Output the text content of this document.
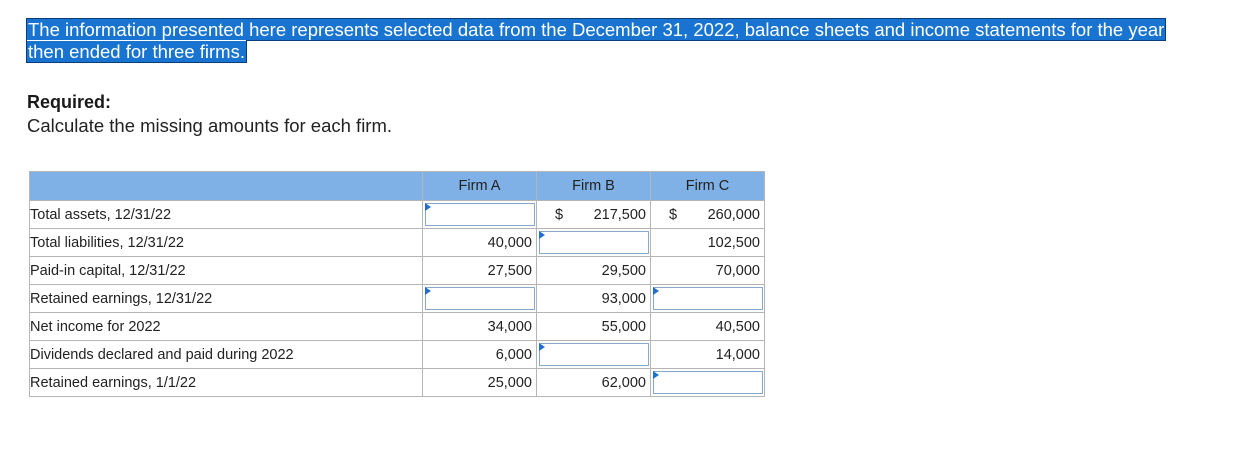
The information presented here represents selected data from the December 31, 2022, balance sheets and income statements for the year then ended for three firms.
Required:
Calculate the missing amounts for each firm.
	Firm A	Firm B	Firm C
Total assets, 12/31/22		$ 217,500	$ 260,000
Total liabilities, 12/31/22	40,000		102,500
Paid-in capital, 12/31/22	27,500	29,500	70,000
Retained earnings, 12/31/22		93,000	

Net income for 2022	34,000	55,000	40,500
Dividends declared and paid during 2022	6,000		14,000
Retained earnings, 1/1/22	25,000	62,000	
